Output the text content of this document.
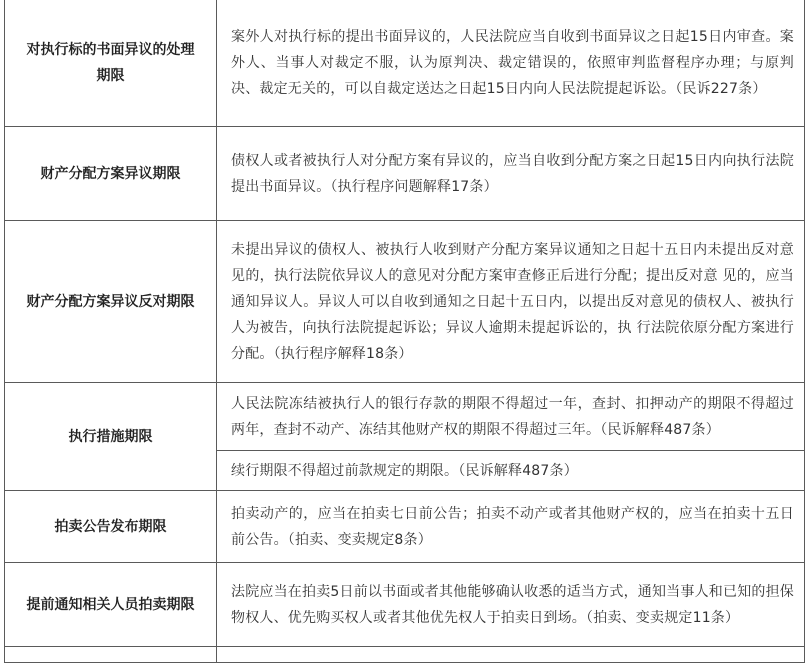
对执行标的书面异议的处理
期限	案外人对执行标的提出书面异议的，人民法院应当自收到书面异议之日起15日内审查。案外人、当事人对裁定不服，认为原判决、裁定错误的，依照审判监督程序办理；与原判决、裁定无关的，可以自裁定送达之日起15日内向人民法院提起诉讼。（民诉227条）

财产分配方案异议期限	债权人或者被执行人对分配方案有异议的，应当自收到分配方案之日起15日内向执行法院提出书面异议。（执行程序问题解释17条）

财产分配方案异议反对期限	未提出异议的债权人、被执行人收到财产分配方案异议通知之日起十五日内未提出反对意见的，执行法院依异议人的意见对分配方案审查修正后进行分配；提出反对意 见的，应当通知异议人。异议人可以自收到通知之日起十五日内，以提出反对意见的债权人、被执行人为被告，向执行法院提起诉讼；异议人逾期未提起诉讼的，执 行法院依原分配方案进行分配。（执行程序解释18条）

执行措施期限	人民法院冻结被执行人的银行存款的期限不得超过一年，查封、扣押动产的期限不得超过两年，查封不动产、冻结其他财产权的期限不得超过三年。（民诉解释487条）
	续行期限不得超过前款规定的期限。（民诉解释487条）

拍卖公告发布期限	拍卖动产的，应当在拍卖七日前公告；拍卖不动产或者其他财产权的，应当在拍卖十五日前公告。（拍卖、变卖规定8条）

提前通知相关人员拍卖期限	法院应当在拍卖5日前以书面或者其他能够确认收悉的适当方式，通知当事人和已知的担保物权人、优先购买权人或者其他优先权人于拍卖日到场。（拍卖、变卖规定11条）
